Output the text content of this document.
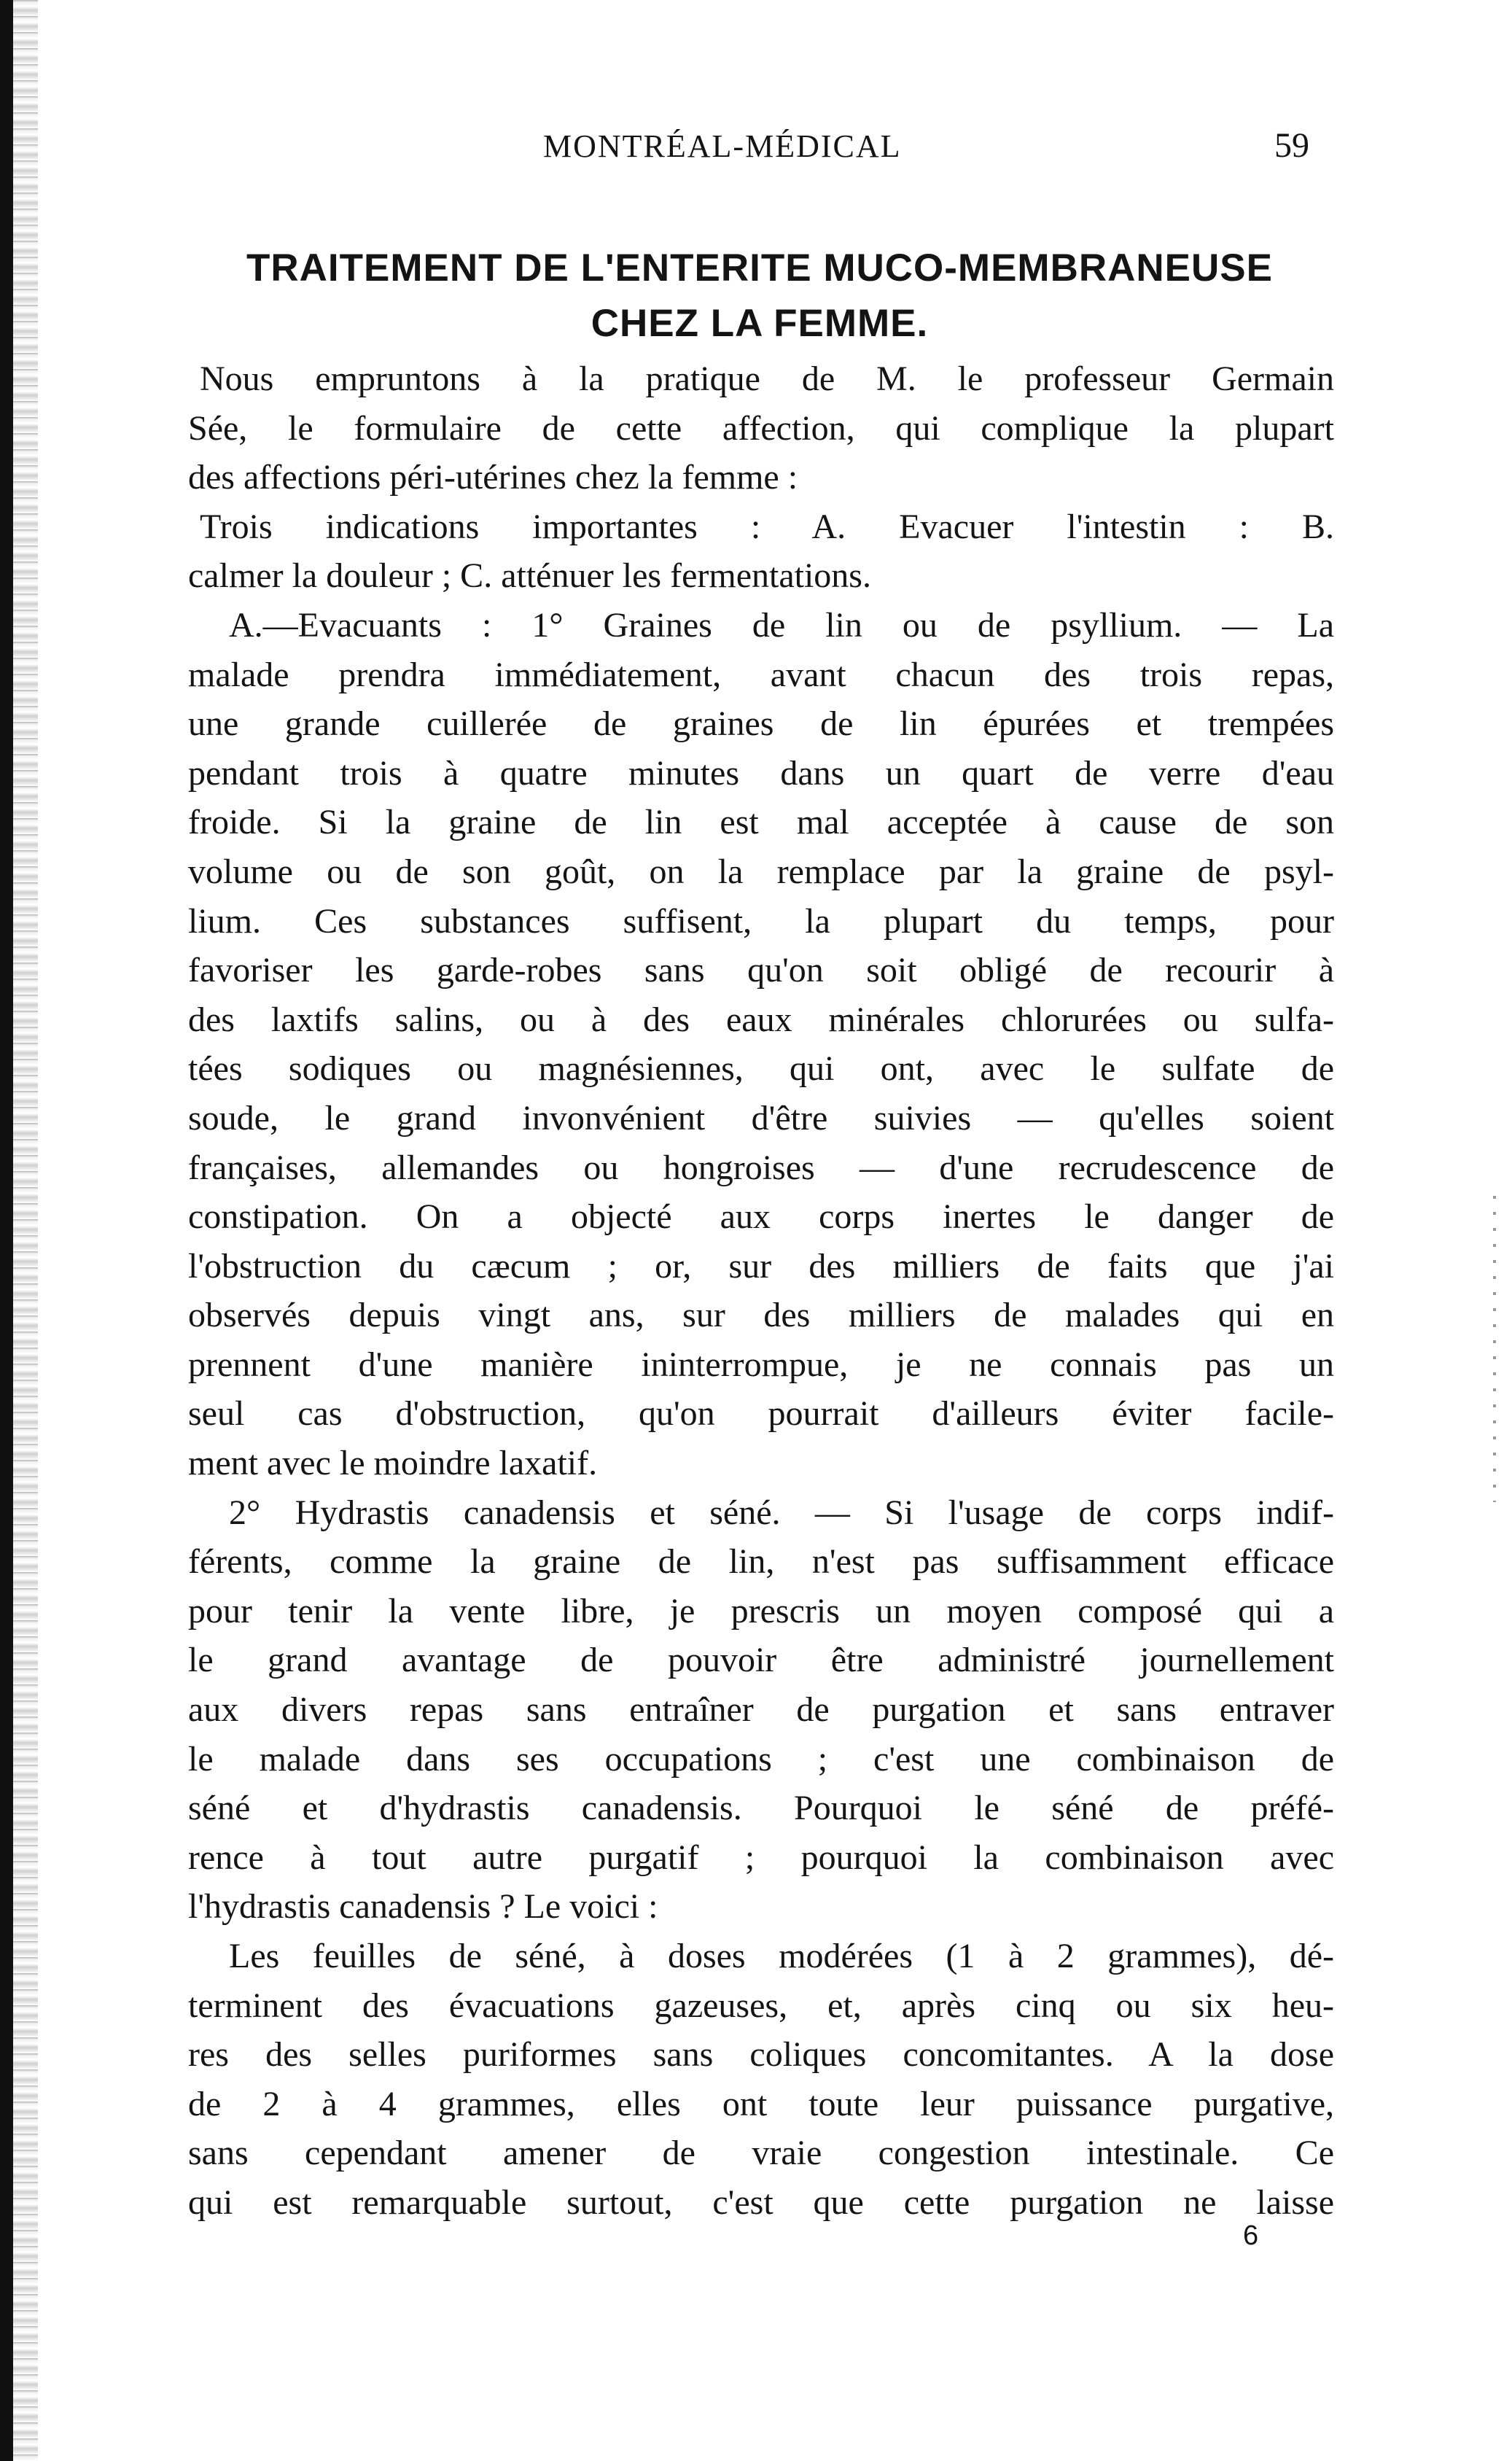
MONTRÉAL-MÉDICAL	59
TRAITEMENT DE L'ENTERITE MUCO-MEMBRANEUSE
CHEZ LA FEMME.
Nous empruntons à la pratique de M. le professeur Germain
Sée, le formulaire de cette affection, qui complique la plupart
des affections péri-utérines chez la femme :
Trois indications importantes : A. Evacuer l'intestin : B.
calmer la douleur ; C. atténuer les fermentations.
A.—Evacuants : 1° Graines de lin ou de psyllium. — La
malade prendra immédiatement, avant chacun des trois repas,
une grande cuillerée de graines de lin épurées et trempées
pendant trois à quatre minutes dans un quart de verre d'eau
froide. Si la graine de lin est mal acceptée à cause de son
volume ou de son goût, on la remplace par la graine de psyl-
lium. Ces substances suffisent, la plupart du temps, pour
favoriser les garde-robes sans qu'on soit obligé de recourir à
des laxtifs salins, ou à des eaux minérales chlorurées ou sulfa-
tées sodiques ou magnésiennes, qui ont, avec le sulfate de
soude, le grand invonvénient d'être suivies — qu'elles soient
françaises, allemandes ou hongroises — d'une recrudescence de
constipation. On a objecté aux corps inertes le danger de
l'obstruction du cæcum ; or, sur des milliers de faits que j'ai
observés depuis vingt ans, sur des milliers de malades qui en
prennent d'une manière ininterrompue, je ne connais pas un
seul cas d'obstruction, qu'on pourrait d'ailleurs éviter facile-
ment avec le moindre laxatif.
2° Hydrastis canadensis et séné. — Si l'usage de corps indif-
férents, comme la graine de lin, n'est pas suffisamment efficace
pour tenir la vente libre, je prescris un moyen composé qui a
le grand avantage de pouvoir être administré journellement
aux divers repas sans entraîner de purgation et sans entraver
le malade dans ses occupations ; c'est une combinaison de
séné et d'hydrastis canadensis. Pourquoi le séné de préfé-
rence à tout autre purgatif ; pourquoi la combinaison avec
l'hydrastis canadensis ? Le voici :
Les feuilles de séné, à doses modérées (1 à 2 grammes), dé-
terminent des évacuations gazeuses, et, après cinq ou six heu-
res des selles puriformes sans coliques concomitantes. A la dose
de 2 à 4 grammes, elles ont toute leur puissance purgative,
sans cependant amener de vraie congestion intestinale. Ce
qui est remarquable surtout, c'est que cette purgation ne laisse
6
